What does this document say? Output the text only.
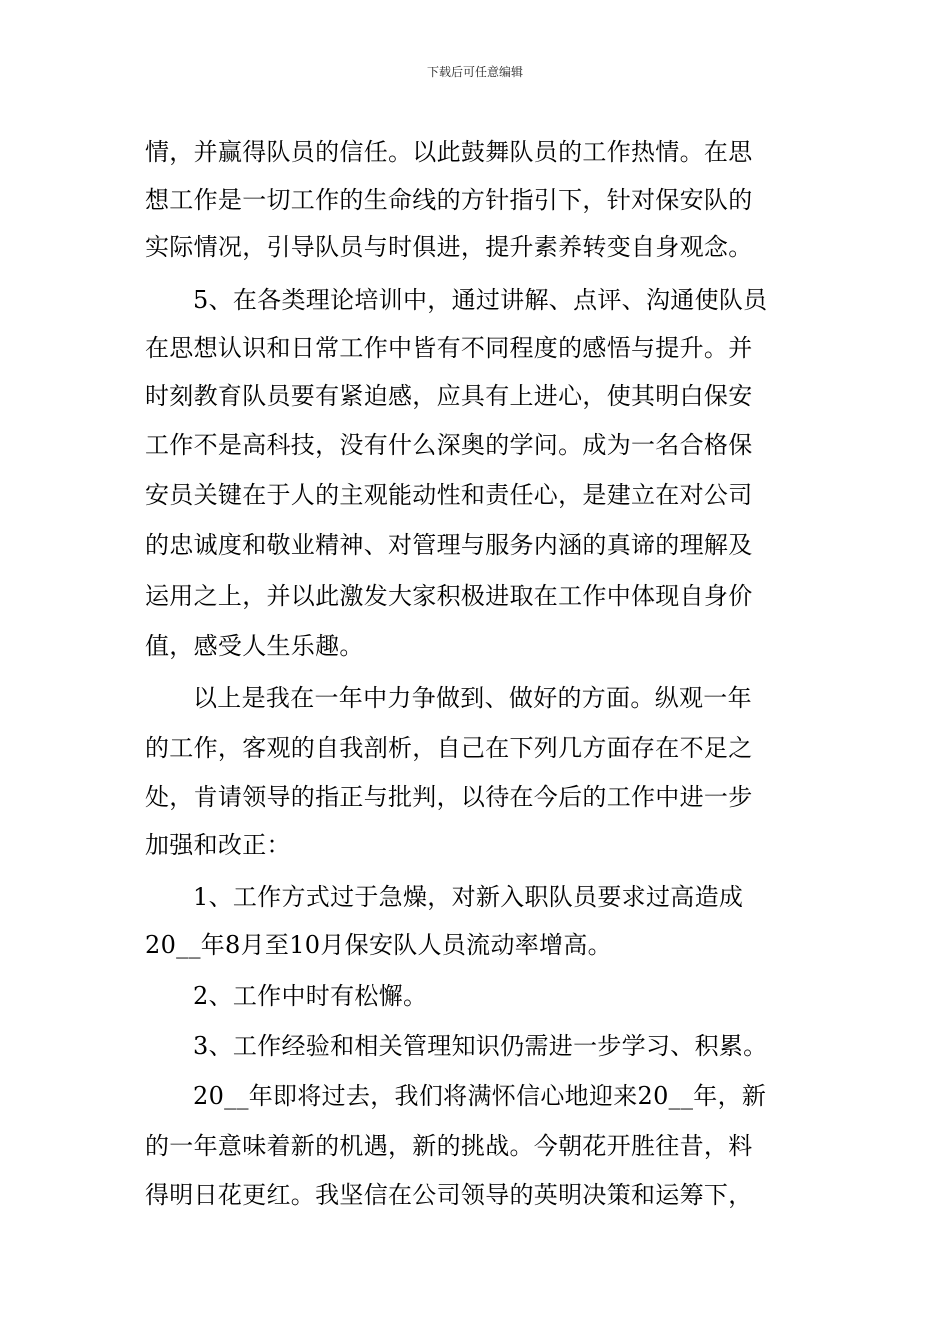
下载后可任意编辑
情，并赢得队员的信任。以此鼓舞队员的工作热情。在思
想工作是一切工作的生命线的方针指引下，针对保安队的
实际情况，引导队员与时俱进，提升素养转变自身观念。
5、在各类理论培训中，通过讲解、点评、沟通使队员
在思想认识和日常工作中皆有不同程度的感悟与提升。并
时刻教育队员要有紧迫感，应具有上进心，使其明白保安
工作不是高科技，没有什么深奥的学问。成为一名合格保
安员关键在于人的主观能动性和责任心，是建立在对公司
的忠诚度和敬业精神、对管理与服务内涵的真谛的理解及
运用之上，并以此激发大家积极进取在工作中体现自身价
值，感受人生乐趣。
以上是我在一年中力争做到、做好的方面。纵观一年
的工作，客观的自我剖析，自己在下列几方面存在不足之
处，肯请领导的指正与批判，以待在今后的工作中进一步
加强和改正：
1、工作方式过于急燥，对新入职队员要求过高造成
20__年8月至10月保安队人员流动率增高。
2、工作中时有松懈。
3、工作经验和相关管理知识仍需进一步学习、积累。
20__年即将过去，我们将满怀信心地迎来20__年，新
的一年意味着新的机遇，新的挑战。今朝花开胜往昔，料
得明日花更红。我坚信在公司领导的英明决策和运筹下，
